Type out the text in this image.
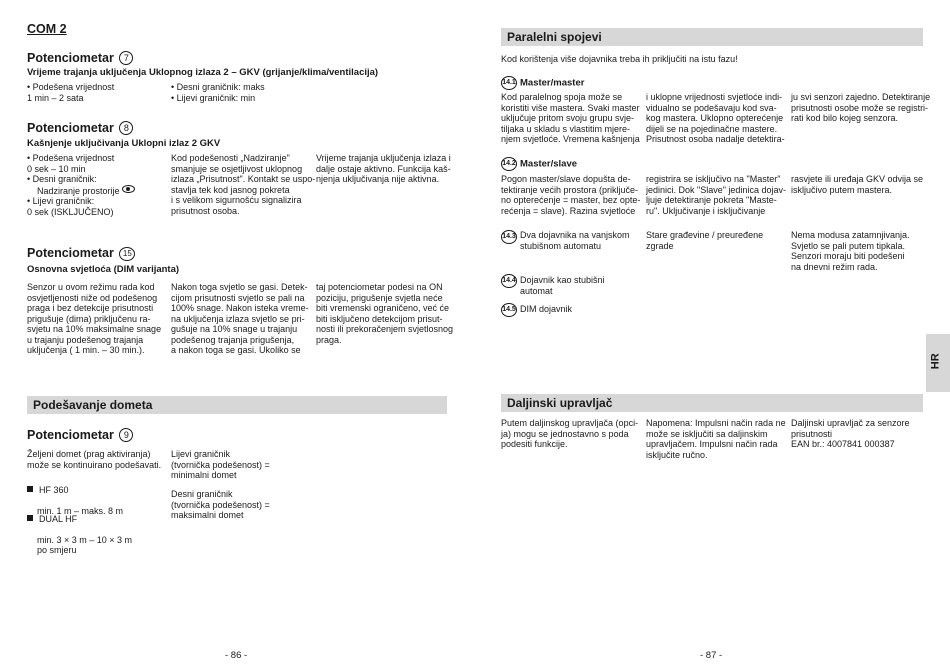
COM 2
Potenciometar 7
Vrijeme trajanja uključenja Uklopnog izlaza 2 – GKV (grijanje/klima/ventilacija)
• Podešena vrijednost
1 min – 2 sata
• Desni graničnik: maks
• Lijevi graničnik: min
Potenciometar 8
Kašnjenje uključivanja Uklopni izlaz 2 GKV
• Podešena vrijednost
0 sek – 10 min
• Desni graničnik:
Nadziranje prostorije
• Lijevi graničnik:
0 sek (ISKLJUČENO)
Kod podešenosti „Nadziranje"
smanjuje se osjetljivost uklopnog
izlaza „Prisutnost". Kontakt se uspo-
stavlja tek kod jasnog pokreta
i s velikom sigurnošću signalizira
prisutnost osoba.
Vrijeme trajanja uključenja izlaza i
dalje ostaje aktivno. Funkcija kaš-
njenja uključivanja nije aktivna.
Potenciometar 15
Osnovna svjetloća (DIM varijanta)
Senzor u ovom režimu rada kod
osvjetljenosti niže od podešenog
praga i bez detekcije prisutnosti
prigušuje (dima) priključenu ra-
svjetu na 10% maksimalne snage
u trajanju podešenog trajanja
uključenja ( 1 min. – 30 min.).
Nakon toga svjetlo se gasi. Detek-
cijom prisutnosti svjetlo se pali na
100% snage. Nakon isteka vreme-
na uključenja izlaza svjetlo se pri-
gušuje na 10% snage u trajanju
podešenog trajanja prigušenja,
a nakon toga se gasi. Ukoliko se
taj potenciometar podesi na ON
poziciju, prigušenje svjetla neće
biti vremenski ograničeno, već će
biti isključeno detekcijom prisut-
nosti ili prekoračenjem svjetlosnog
praga.
Podešavanje dometa
Potenciometar 9
Željeni domet (prag aktiviranja)
može se kontinuirano podešavati.

HF 360

min. 1 m – maks. 8 m

DUAL HF

min. 3 × 3 m – 10 × 3 m
po smjeru

Lijevi graničnik
(tvornička podešenost) =
minimalni domet
Desni graničnik
(tvornička podešenost) =
maksimalni domet
- 86 -
Paralelni spojevi
Kod korištenja više dojavnika treba ih priključiti na istu fazu!
14.1 Master/master
Kod paralelnog spoja može se
koristiti više mastera. Svaki master
uključuje pritom svoju grupu svje-
tiljaka u skladu s vlastitim mjere-
njem svjetloće. Vremena kašnjenja
i uklopne vrijednosti svjetloće indi-
vidualno se podešavaju kod sva-
kog mastera. Uklopno opterećenje
dijeli se na pojedinačne mastere.
Prisutnost osoba nadalje detektira-
ju svi senzori zajedno. Detektiranje
prisutnosti osobe može se registri-
rati kod bilo kojeg senzora.
14.2 Master/slave
Pogon master/slave dopušta de-
tektiranje većih prostora (priključe-
no opterećenje = master, bez opte-
rećenja = slave). Razina svjetloće
registrira se isključivo na "Master"
jedinici. Dok "Slave" jedinica dojav-
ljuje detektiranje pokreta "Maste-
ru". Uključivanje i isključivanje
rasvjete ili uređaja GKV odvija se
isključivo putem mastera.
14.3 Dva dojavnika na vanjskom
stubišnom automatu
Stare građevine / preuređene
zgrade
Nema modusa zatamnjivanja.
Svjetlo se pali putem tipkala.
Senzori moraju biti podešeni
na dnevni režim rada.
14.4 Dojavnik kao stubišni
automat
14.5 DIM dojavnik
Daljinski upravljač
Putem daljinskog upravljača (opci-
ja) mogu se jednostavno s poda
podesiti funkcije.
Napomena: Impulsni način rada ne
može se isključiti sa daljinskim
upravljačem. Impulsni način rada
isključite ručno.
Daljinski upravljač za senzore
prisutnosti
EAN br.: 4007841 000387
HR
- 87 -
